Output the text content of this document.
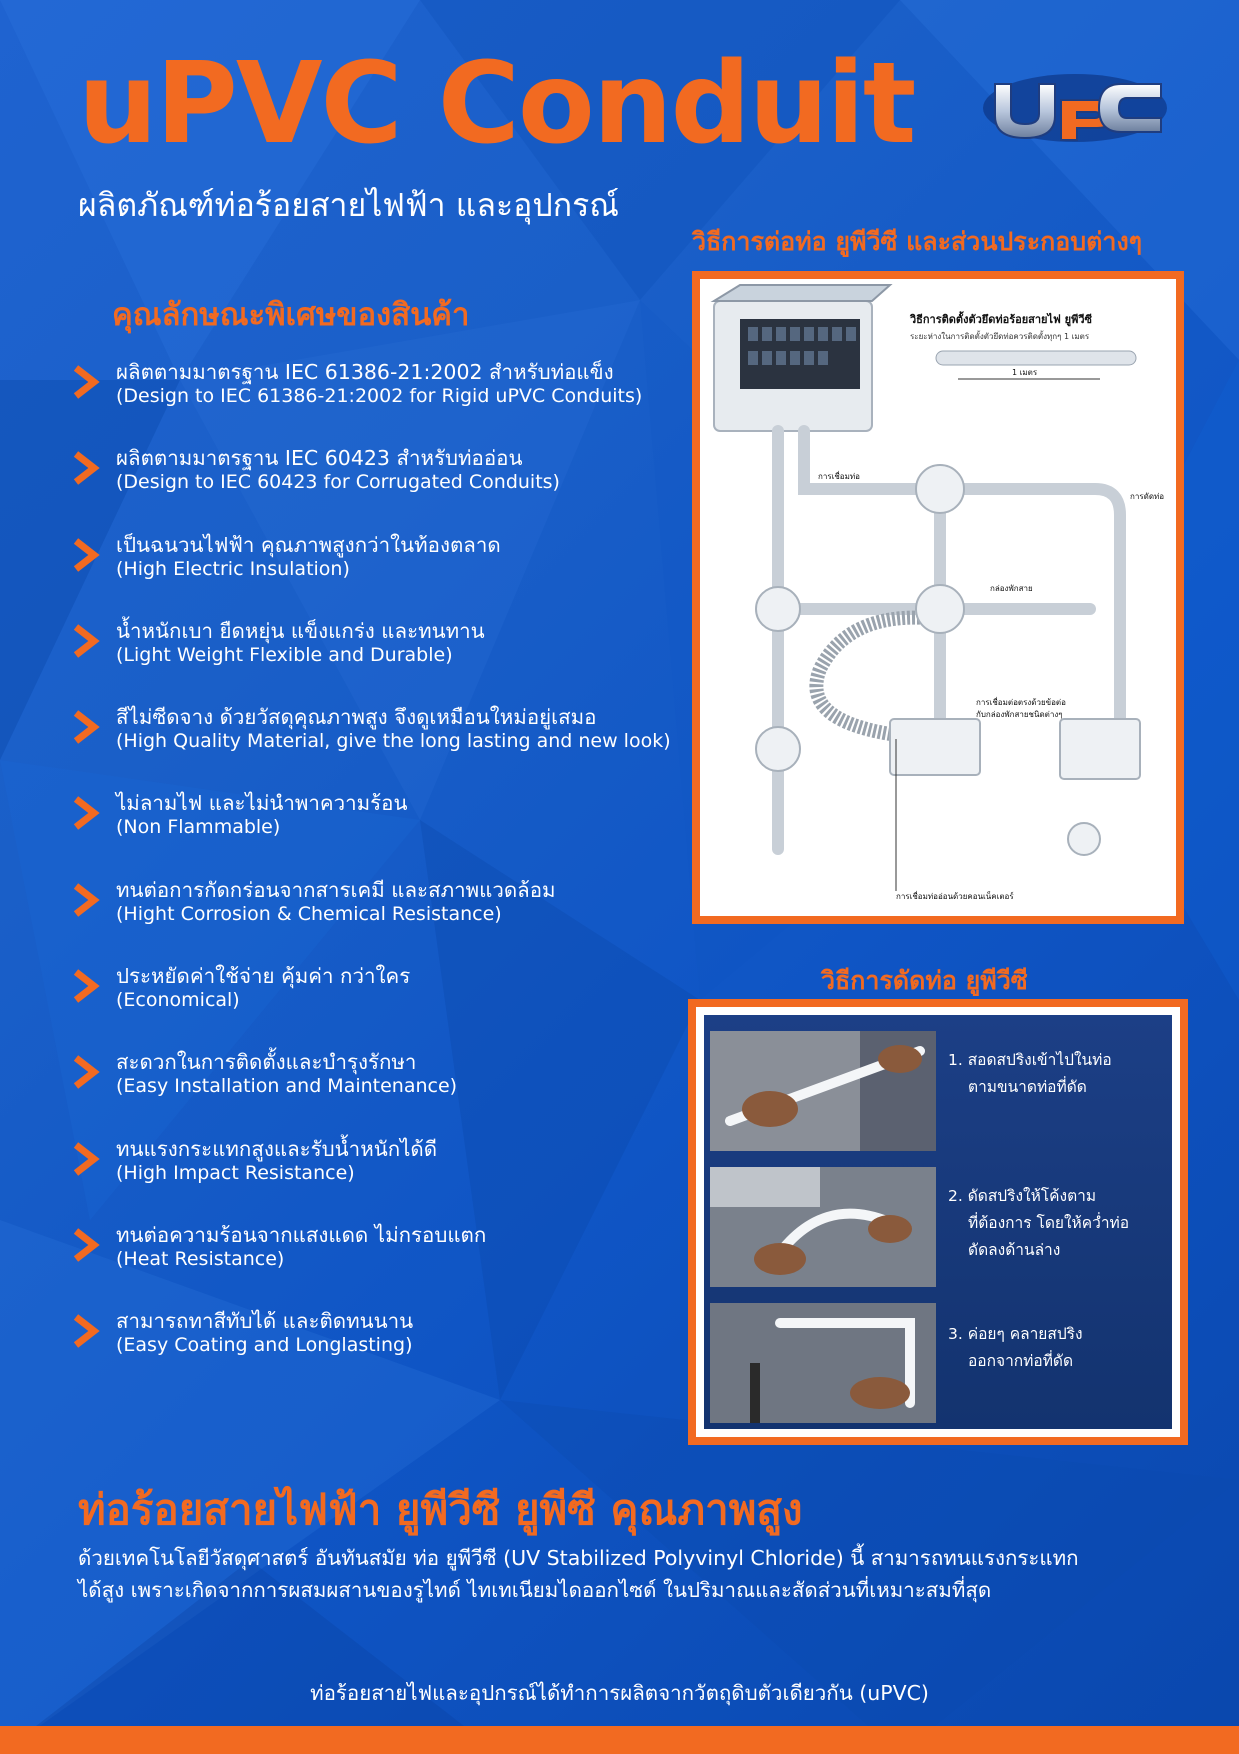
uPVC Conduit
ผลิตภัณฑ์ท่อร้อยสายไฟฟ้า และอุปกรณ์
คุณลักษณะพิเศษของสินค้า
ผลิตตามมาตรฐาน IEC 61386-21:2002 สำหรับท่อแข็ง
(Design to IEC 61386-21:2002 for Rigid uPVC Conduits)
ผลิตตามมาตรฐาน IEC 60423 สำหรับท่ออ่อน
(Design to IEC 60423 for Corrugated Conduits)
เป็นฉนวนไฟฟ้า คุณภาพสูงกว่าในท้องตลาด
(High Electric Insulation)
น้ำหนักเบา ยืดหยุ่น แข็งแกร่ง และทนทาน
(Light Weight Flexible and Durable)
สีไม่ซีดจาง ด้วยวัสดุคุณภาพสูง จึงดูเหมือนใหม่อยู่เสมอ
(High Quality Material, give the long lasting and new look)
ไม่ลามไฟ และไม่นำพาความร้อน
(Non Flammable)
ทนต่อการกัดกร่อนจากสารเคมี และสภาพแวดล้อม
(Hight Corrosion & Chemical Resistance)
ประหยัดค่าใช้จ่าย คุ้มค่า กว่าใคร
(Economical)
สะดวกในการติดตั้งและบำรุงรักษา
(Easy Installation and Maintenance)
ทนแรงกระแทกสูงและรับน้ำหนักได้ดี
(High Impact Resistance)
ทนต่อความร้อนจากแสงแดด ไม่กรอบแตก
(Heat Resistance)
สามารถทาสีทับได้ และติดทนนาน
(Easy Coating and Longlasting)
วิธีการต่อท่อ ยูพีวีซี และส่วนประกอบต่างๆ
วิธีการติดตั้งตัวยึดท่อร้อยสายไฟ ยูพีวีซี
ระยะห่างในการติดตั้งตัวยึดท่อควรติดตั้งทุกๆ 1 เมตร
1 เมตร
การเชื่อมท่อ
การดัดท่อ
กล่องพักสาย
การเชื่อมต่อตรงด้วยข้อต่อ
กับกล่องพักสายชนิดต่างๆ
การเชื่อมท่ออ่อนด้วยคอนเน็คเตอร์
วิธีการดัดท่อ ยูพีวีซี
1. สอดสปริงเข้าไปในท่อ
ตามขนาดท่อที่ดัด
2. ดัดสปริงให้โค้งตาม
ที่ต้องการ โดยให้คว่ำท่อ
ดัดลงด้านล่าง
3. ค่อยๆ คลายสปริง
ออกจากท่อที่ดัด
ท่อร้อยสายไฟฟ้า ยูพีวีซี ยูพีซี คุณภาพสูง
ด้วยเทคโนโลยีวัสดุศาสตร์ อันทันสมัย ท่อ ยูพีวีซี (UV Stabilized Polyvinyl Chloride) นี้ สามารถทนแรงกระแทก
ได้สูง เพราะเกิดจากการผสมผสานของรูไทด์ ไทเทเนียมไดออกไซด์ ในปริมาณและสัดส่วนที่เหมาะสมที่สุด
ท่อร้อยสายไฟและอุปกรณ์ได้ทำการผลิตจากวัตถุดิบตัวเดียวกัน (uPVC)
